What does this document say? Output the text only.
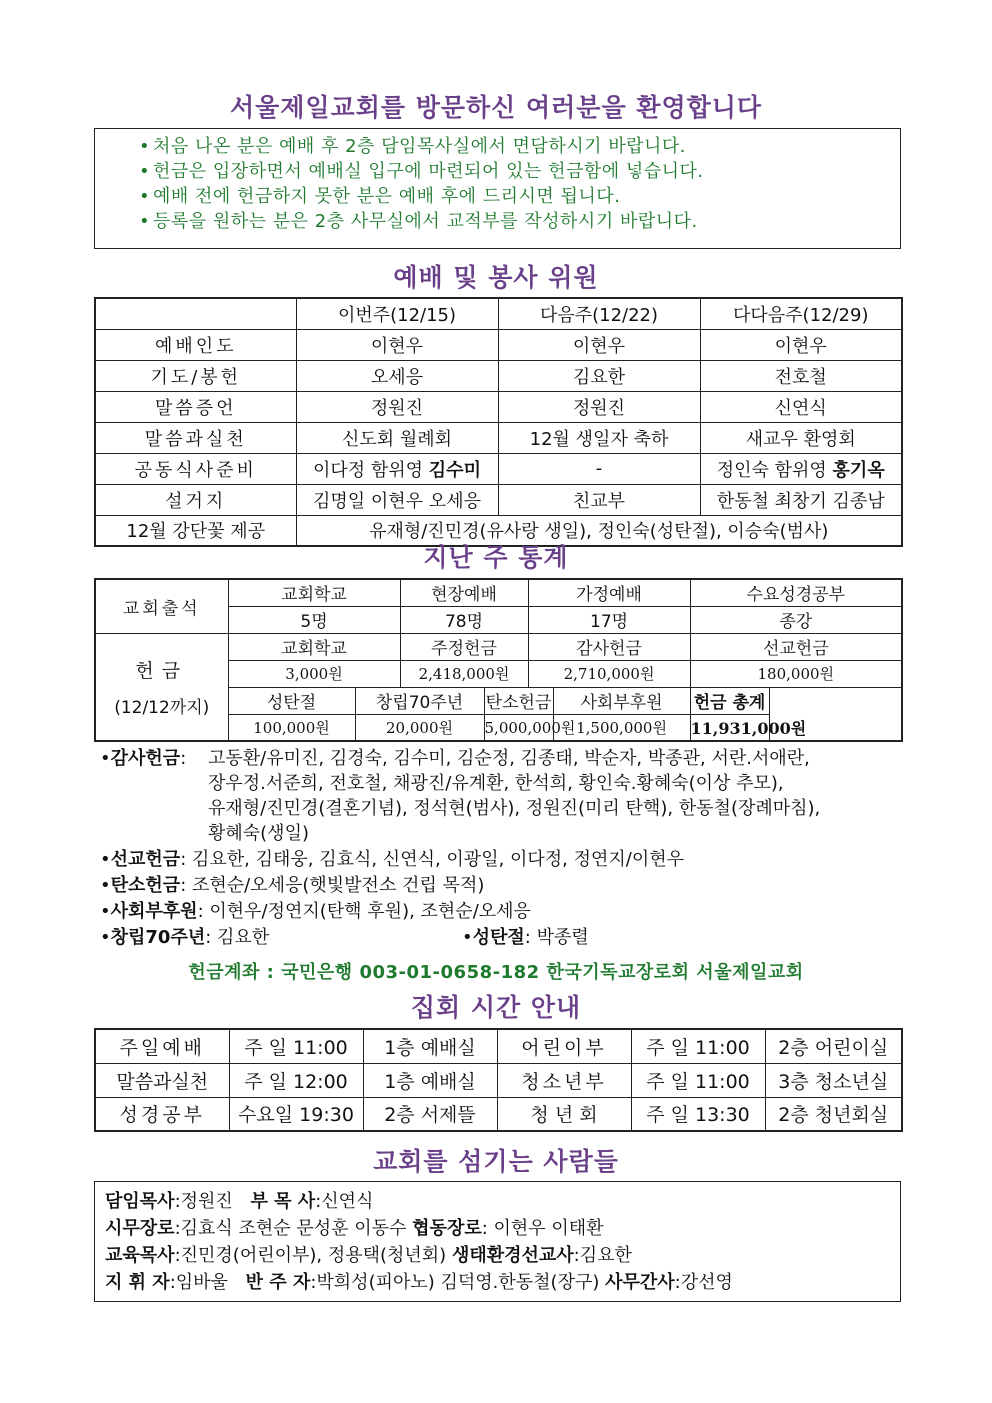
서울제일교회를 방문하신 여러분을 환영합니다
• 처음 나온 분은 예배 후 2층 담임목사실에서 면담하시기 바랍니다.
• 헌금은 입장하면서 예배실 입구에 마련되어 있는 헌금함에 넣습니다.
• 예배 전에 헌금하지 못한 분은 예배 후에 드리시면 됩니다.
• 등록을 원하는 분은 2층 사무실에서 교적부를 작성하시기 바랍니다.
예배 및 봉사 위원
	이번주(12/15)	다음주(12/22)	다다음주(12/29)
예배인도	이현우	이현우	이현우
기도/봉헌	오세응	김요한	전호철
말씀증언	정원진	정원진	신연식
말씀과실천	신도회 월례회	12월 생일자 축하	새교우 환영회
공동식사준비	이다정 함위영 김수미	-	정인숙 함위영 홍기옥
설거지	김명일 이현우 오세응	친교부	한동철 최창기 김종남
12월 강단꽃 제공	유재형/진민경(유사랑 생일), 정인숙(성탄절), 이승숙(범사)		
지난 주 통계
교회출석	교회학교		현장예배		가정예배		수요성경공부
	5명		78명		17명		종강

헌금
(12/12까지)	교회학교		주정헌금		감사헌금		선교헌금
	3,000원		2,418,000원		2,710,000원		180,000원
	성탄절	창립70주년		탄소헌금		사회부후원	헌금 총계
	100,000원	20,000원		5,000,000원		1,500,000원	11,931,000원
•감사헌금: 고동환/유미진, 김경숙, 김수미, 김순정, 김종태, 박순자, 박종관, 서란.서애란,
장우정.서준희, 전호철, 채광진/유계환, 한석희, 황인숙.황혜숙(이상 추모),
유재형/진민경(결혼기념), 정석현(범사), 정원진(미리 탄핵), 한동철(장례마침),
황혜숙(생일)
•선교헌금: 김요한, 김태웅, 김효식, 신연식, 이광일, 이다정, 정연지/이현우
•탄소헌금: 조현순/오세응(햇빛발전소 건립 목적)
•사회부후원: 이현우/정연지(탄핵 후원), 조현순/오세응
•창립70주년: 김요한	•성탄절: 박종렬
헌금계좌 : 국민은행 003-01-0658-182 한국기독교장로회 서울제일교회
집회 시간 안내
주일예배	주 일 11:00	1층 예배실	어린이부	주 일 11:00	2층 어린이실
말씀과실천	주 일 12:00	1층 예배실	청소년부	주 일 11:00	3층 청소년실
성경공부	수요일 19:30	2층 서제뜰	청 년 회	주 일 13:30	2층 청년회실
교회를 섬기는 사람들
담임목사:정원진   부 목 사:신연식
시무장로:김효식 조현순 문성훈 이동수 협동장로: 이현우 이태환
교육목사:진민경(어린이부), 정용택(청년회) 생태환경선교사:김요한
지 휘 자:임바울   반 주 자:박희성(피아노) 김덕영.한동철(장구) 사무간사:강선영
